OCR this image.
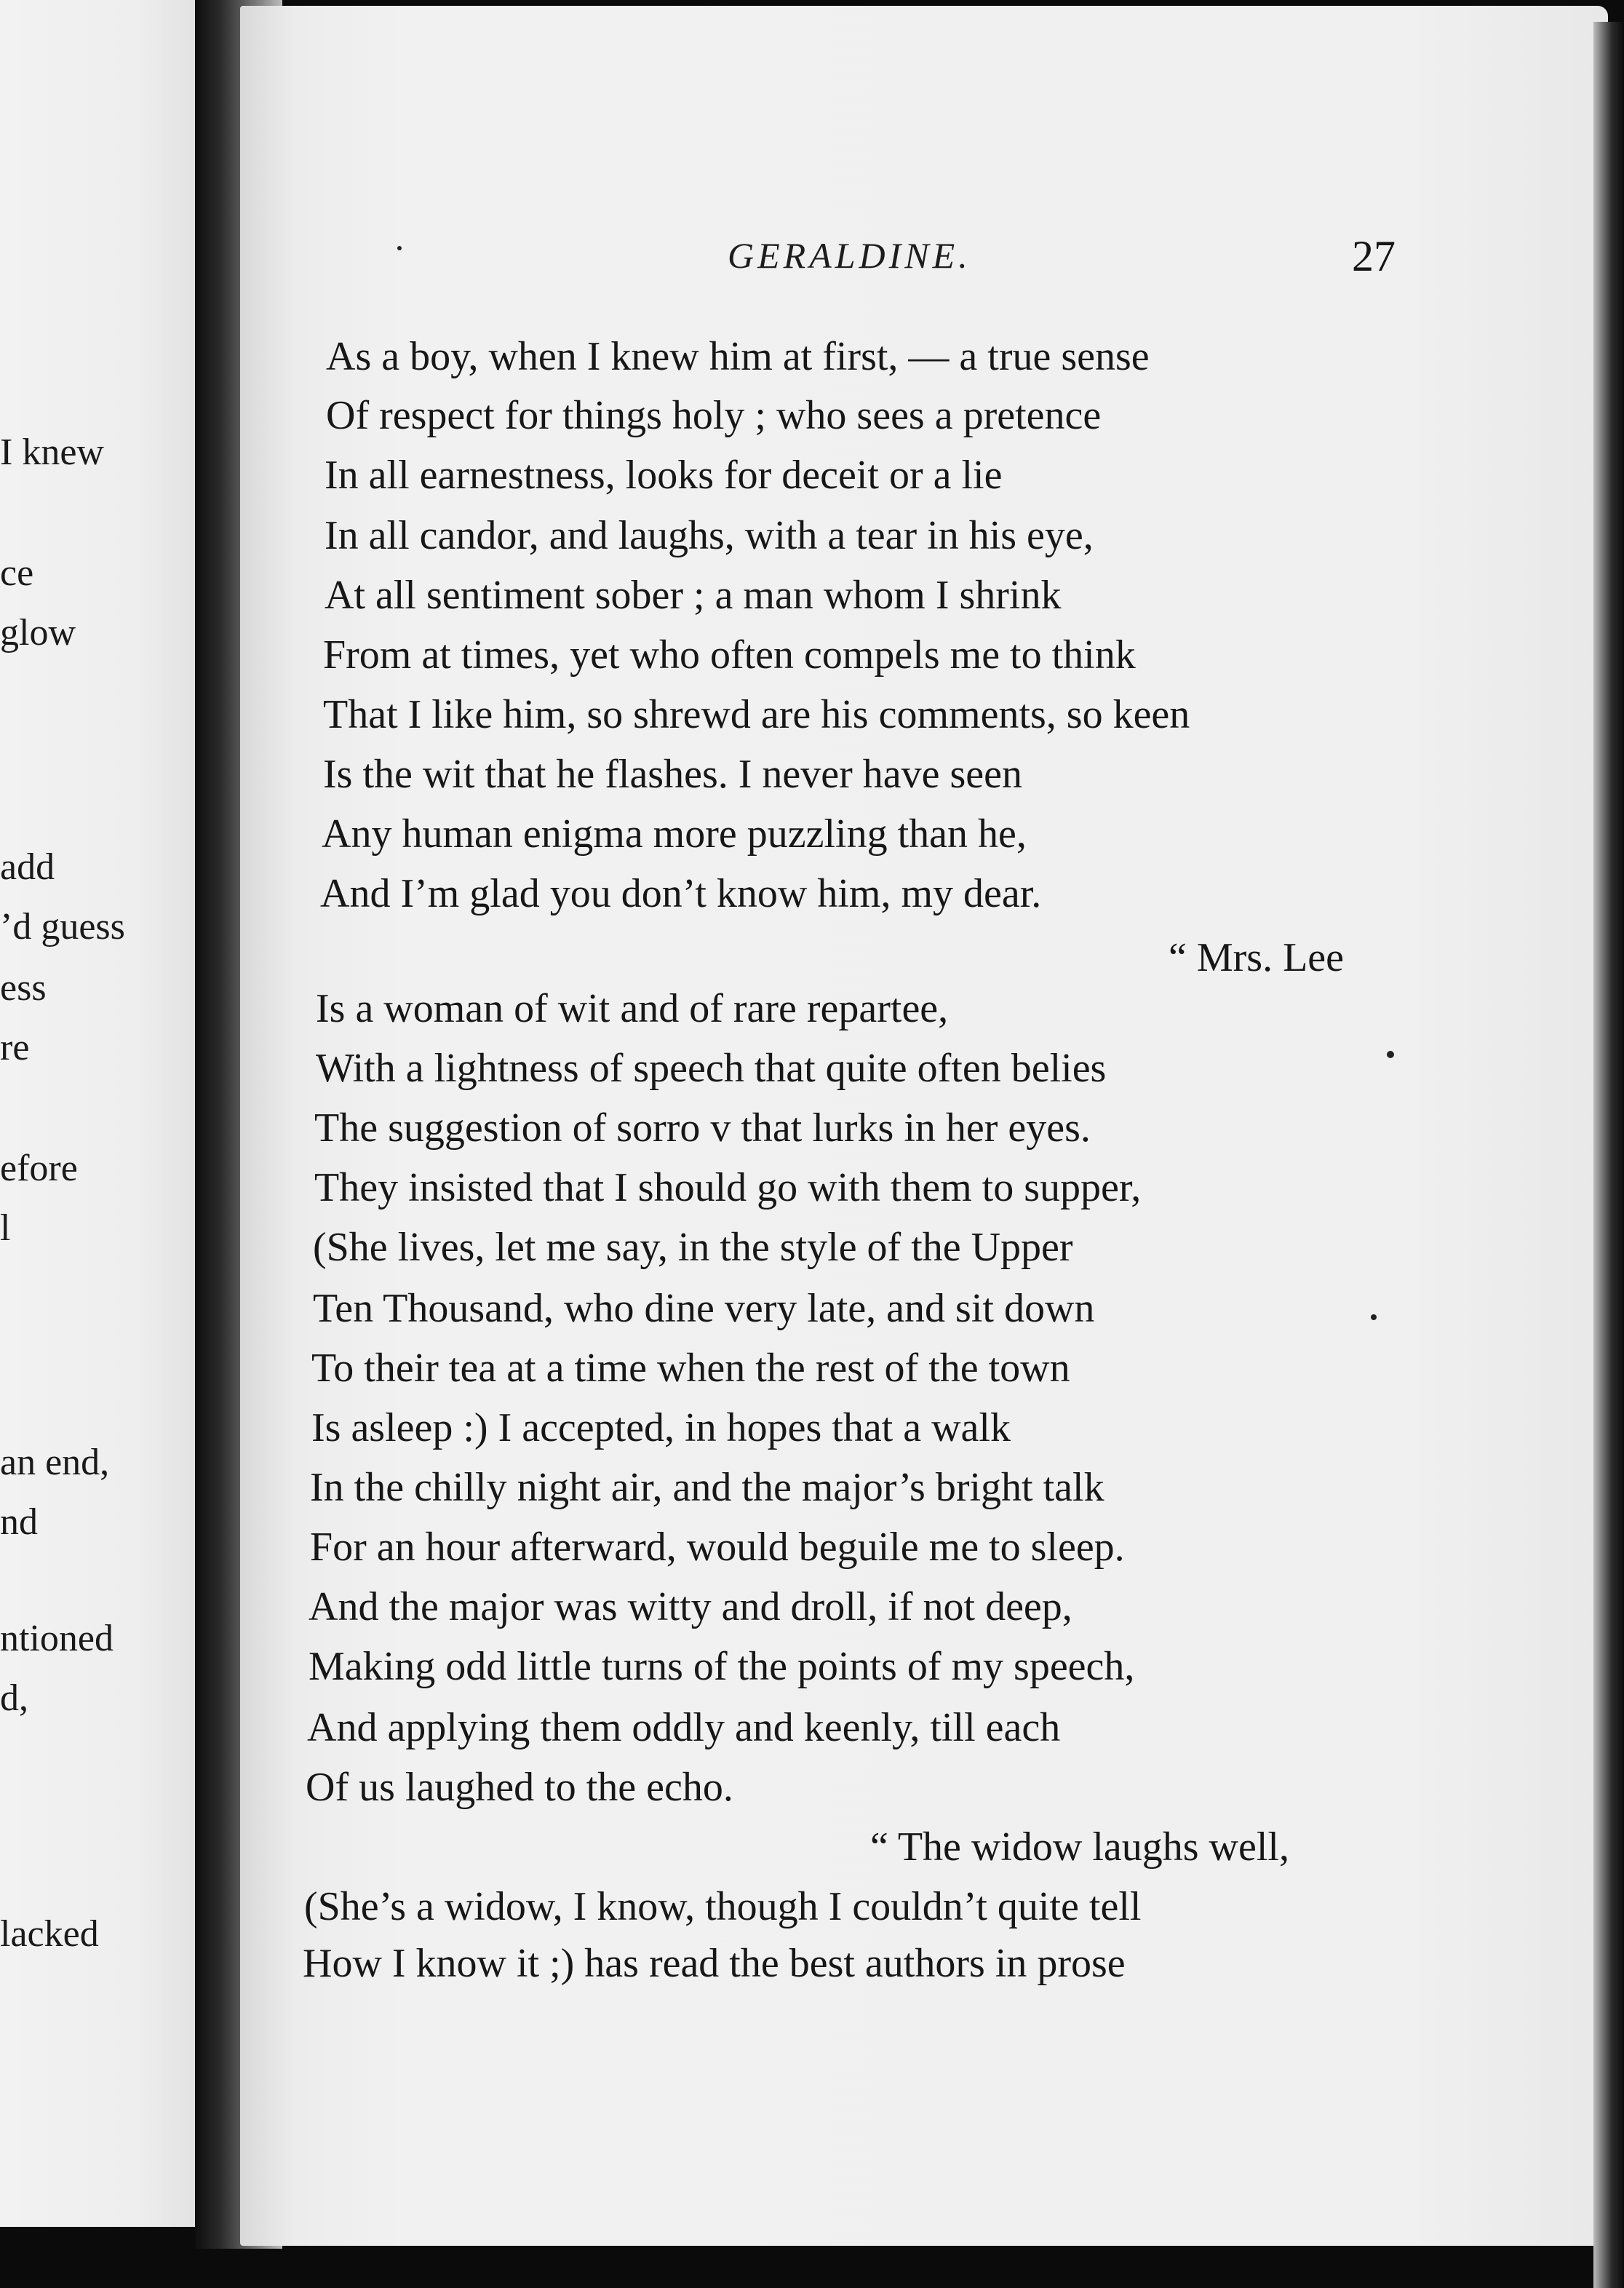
I knew
ce
glow
add
’d guess
ess
re
efore
l
an end,
nd
ntioned
d,
lacked
GERALDINE.	27
As a boy, when I knew him at first, — a true sense
Of respect for things holy ; who sees a pretence
In all earnestness, looks for deceit or a lie
In all candor, and laughs, with a tear in his eye,
At all sentiment sober ; a man whom I shrink
From at times, yet who often compels me to think
That I like him, so shrewd are his comments, so keen
Is the wit that he flashes. I never have seen
Any human enigma more puzzling than he,
And I’m glad you don’t know him, my dear.
“ Mrs. Lee
Is a woman of wit and of rare repartee,
With a lightness of speech that quite often belies
The suggestion of sorro v that lurks in her eyes.
They insisted that I should go with them to supper,
(She lives, let me say, in the style of the Upper
Ten Thousand, who dine very late, and sit down
To their tea at a time when the rest of the town
Is asleep :) I accepted, in hopes that a walk
In the chilly night air, and the major’s bright talk
For an hour afterward, would beguile me to sleep.
And the major was witty and droll, if not deep,
Making odd little turns of the points of my speech,
And applying them oddly and keenly, till each
Of us laughed to the echo.
“ The widow laughs well,
(She’s a widow, I know, though I couldn’t quite tell
How I know it ;) has read the best authors in prose
